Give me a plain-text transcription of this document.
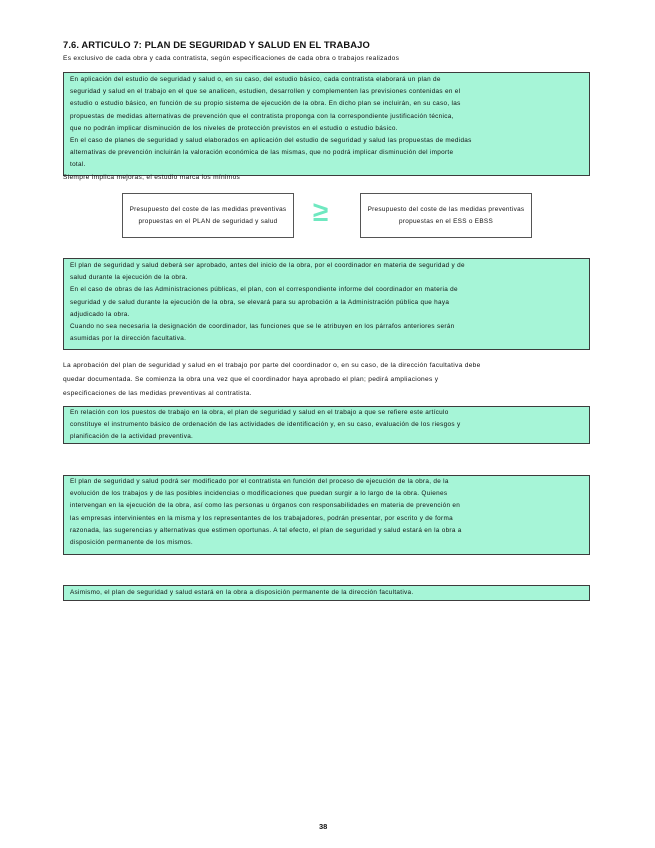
7.6. ARTICULO 7: PLAN DE SEGURIDAD Y SALUD EN EL TRABAJO
Es exclusivo de cada obra y cada contratista, según especificaciones de cada obra o trabajos realizados

En aplicación del estudio de seguridad y salud o, en su caso, del estudio básico, cada contratista elaborará un plan de

seguridad y salud en el trabajo en el que se analicen, estudien, desarrollen y complementen las previsiones contenidas en el

estudio o estudio básico, en función de su propio sistema de ejecución de la obra. En dicho plan se incluirán, en su caso, las

propuestas de medidas alternativas de prevención que el contratista proponga con la correspondiente justificación técnica,

que no podrán implicar disminución de los niveles de protección previstos en el estudio o estudio básico.

En el caso de planes de seguridad y salud elaborados en aplicación del estudio de seguridad y salud las propuestas de medidas

alternativas de prevención incluirán la valoración económica de las mismas, que no podrá implicar disminución del importe

total.

Siempre implica mejoras, el estudio marca los mínimos
Presupuesto del coste de las medidas preventivas propuestas en el PLAN de seguridad y salud	≥	Presupuesto del coste de las medidas preventivas propuestas en el ESS o EBSS

El plan de seguridad y salud deberá ser aprobado, antes del inicio de la obra, por el coordinador en materia de seguridad y de

salud durante la ejecución de la obra.

En el caso de obras de las Administraciones públicas, el plan, con el correspondiente informe del coordinador en materia de

seguridad y de salud durante la ejecución de la obra, se elevará para su aprobación a la Administración pública que haya

adjudicado la obra.

Cuando no sea necesaria la designación de coordinador, las funciones que se le atribuyen en los párrafos anteriores serán

asumidas por la dirección facultativa.

La aprobación del plan de seguridad y salud en el trabajo por parte del coordinador o, en su caso, de la dirección facultativa debe

quedar documentada. Se comienza la obra una vez que el coordinador haya aprobado el plan; pedirá ampliaciones y

especificaciones de las medidas preventivas al contratista.

En relación con los puestos de trabajo en la obra, el plan de seguridad y salud en el trabajo a que se refiere este artículo

constituye el instrumento básico de ordenación de las actividades de identificación y, en su caso, evaluación de los riesgos y

planificación de la actividad preventiva.

El plan de seguridad y salud podrá ser modificado por el contratista en función del proceso de ejecución de la obra, de la

evolución de los trabajos y de las posibles incidencias o modificaciones que puedan surgir a lo largo de la obra. Quienes

intervengan en la ejecución de la obra, así como las personas u órganos con responsabilidades en materia de prevención en

las empresas intervinientes en la misma y los representantes de los trabajadores, podrán presentar, por escrito y de forma

razonada, las sugerencias y alternativas que estimen oportunas. A tal efecto, el plan de seguridad y salud estará en la obra a

disposición permanente de los mismos.

Asimismo, el plan de seguridad y salud estará en la obra a disposición permanente de la dirección facultativa.

38
